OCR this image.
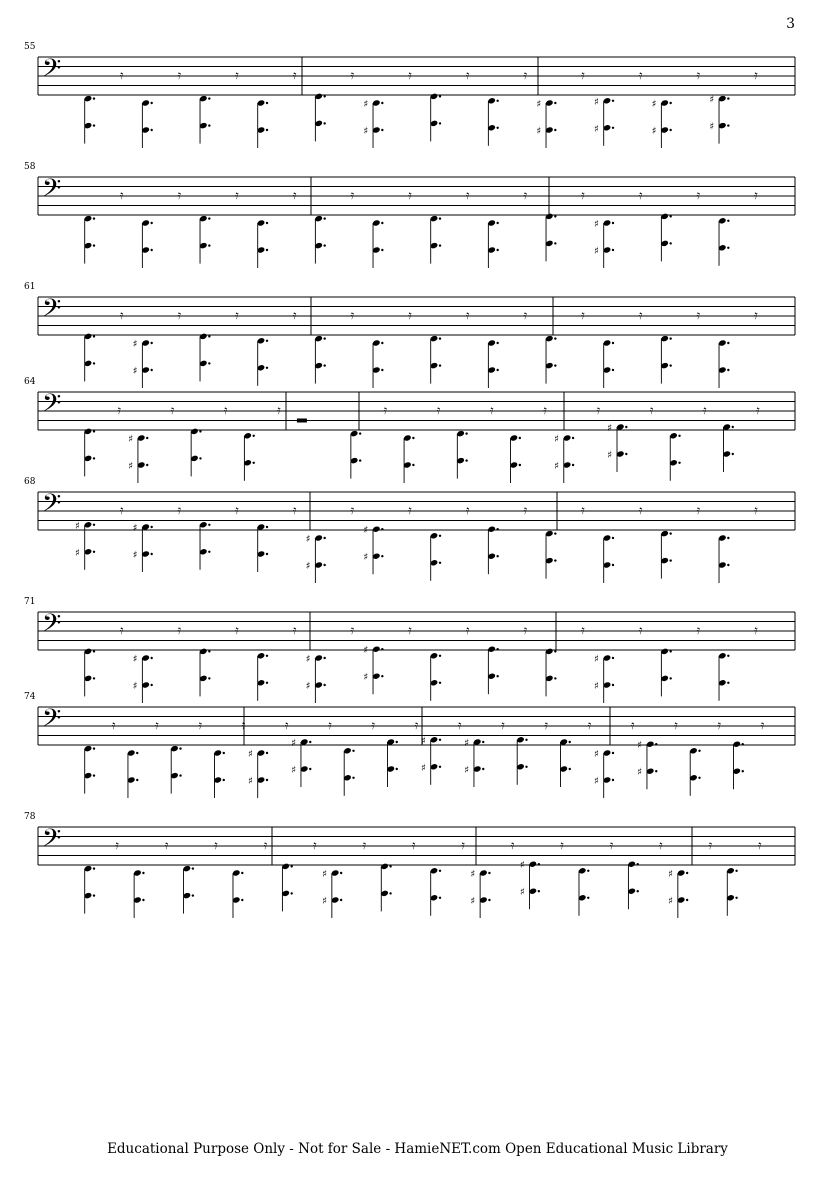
3
55
𝄢	𝄿	𝄿	𝄿	𝄿	𝄿
♯
♯
𝄿	𝄿	𝄿
♯
♯
𝄿
♯
♯
𝄿
♯
♯
𝄿
♯
♯
𝄿
58
𝄢	𝄿	𝄿	𝄿	𝄿	𝄿	𝄿	𝄿	𝄿	𝄿
♯
♯
𝄿	𝄿	𝄿
61
𝄢	𝄿
♯
♯
𝄿	𝄿	𝄿	𝄿	𝄿	𝄿	𝄿	𝄿	𝄿	𝄿	𝄿
64
𝄢	𝄿
♯
♯
𝄿	𝄿	𝄿	𝄿	𝄿	𝄿	𝄿
♯
♯
𝄿
♯
♯
𝄿	𝄿	𝄿
68
𝄢
♯
♯
𝄿
♯
♯
𝄿	𝄿	𝄿
♯
♯
𝄿
♯
♯
𝄿	𝄿	𝄿	𝄿	𝄿	𝄿	𝄿
71
𝄢	𝄿
♯
♯
𝄿	𝄿	𝄿
♯
♯
𝄿
♯
♯
𝄿	𝄿	𝄿	𝄿
♯
♯
𝄿	𝄿	𝄿
74
𝄢	𝄿	𝄿	𝄿	𝄿
♯
♯
𝄿
♯
♯
𝄿	𝄿	𝄿
♯
♯
𝄿
♯
♯
𝄿	𝄿	𝄿
♯
♯
𝄿
♯
♯
𝄿	𝄿	𝄿
78
𝄢	𝄿	𝄿	𝄿	𝄿	𝄿
♯
♯
𝄿	𝄿	𝄿
♯
♯
𝄿
♯
♯
𝄿	𝄿	𝄿
♯
♯
𝄿	𝄿
Educational Purpose Only - Not for Sale - HamieNET.com Open Educational Music Library
